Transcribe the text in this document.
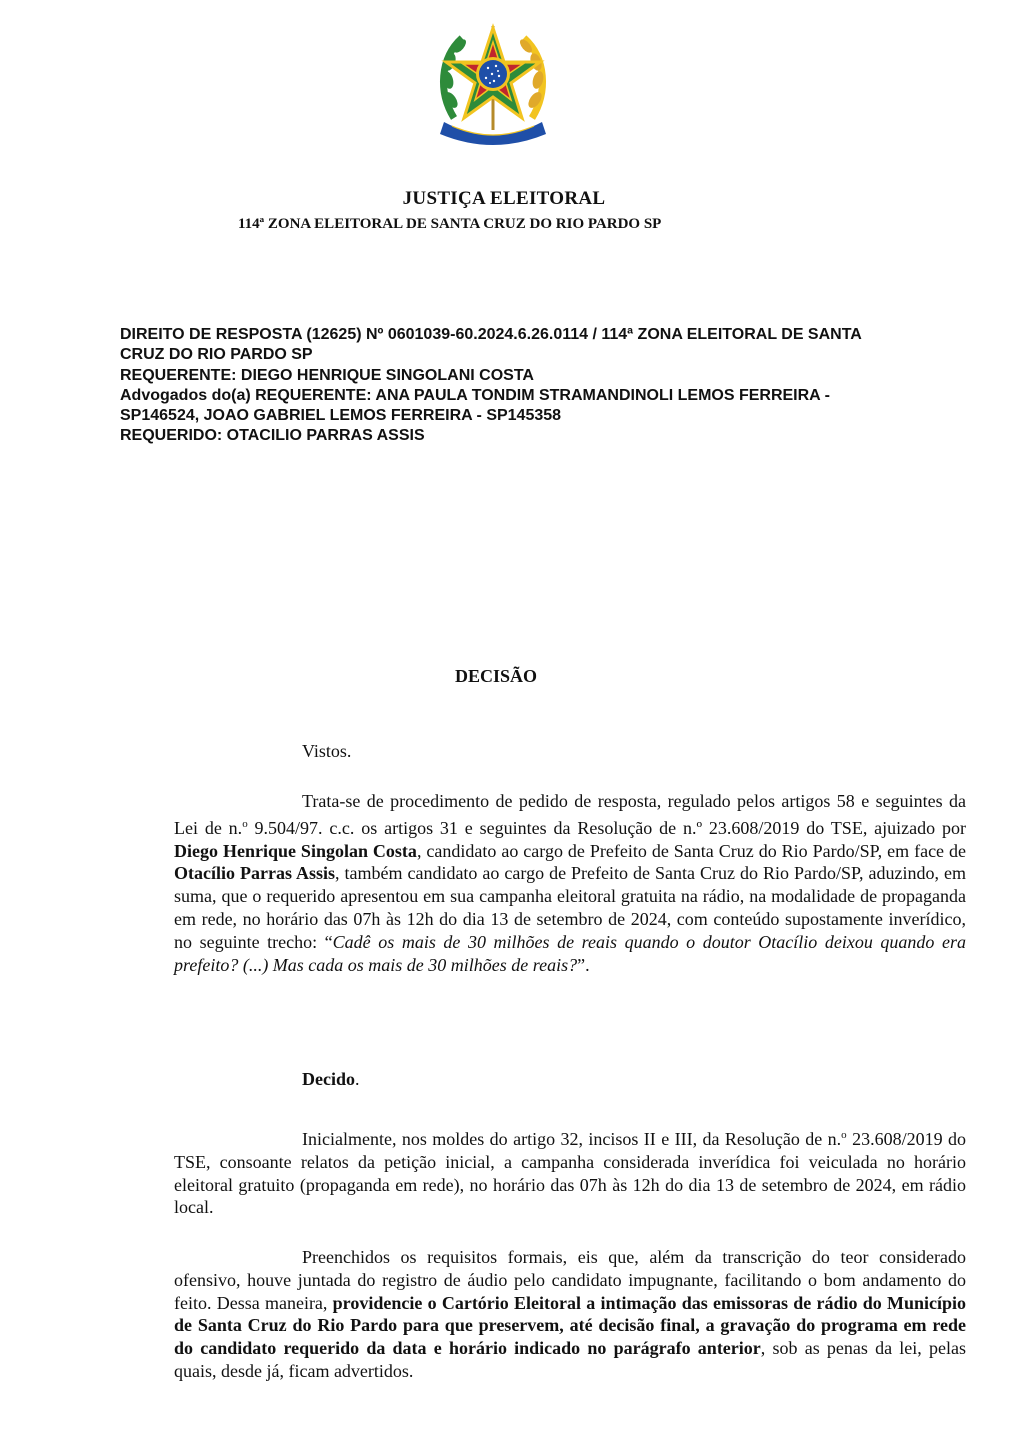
JUSTIÇA ELEITORAL
114ª ZONA ELEITORAL DE SANTA CRUZ DO RIO PARDO SP
DIREITO DE RESPOSTA (12625) Nº 0601039-60.2024.6.26.0114 / 114ª ZONA ELEITORAL DE SANTA
CRUZ DO RIO PARDO SP
REQUERENTE: DIEGO HENRIQUE SINGOLANI COSTA
Advogados do(a) REQUERENTE: ANA PAULA TONDIM STRAMANDINOLI LEMOS FERREIRA -
SP146524, JOAO GABRIEL LEMOS FERREIRA - SP145358
REQUERIDO: OTACILIO PARRAS ASSIS
DECISÃO
Vistos.
Trata-se de procedimento de pedido de resposta, regulado pelos artigos 58 e seguintes da Lei de n.$^o$ 9.504/97. c.c. os artigos 31 e seguintes da Resolução de n.º 23.608/2019 do TSE, ajuizado por Diego Henrique Singolan Costa, candidato ao cargo de Prefeito de Santa Cruz do Rio Pardo/SP, em face de Otacílio Parras Assis, também candidato ao cargo de Prefeito de Santa Cruz do Rio Pardo/SP, aduzindo, em suma, que o requerido apresentou em sua campanha eleitoral gratuita na rádio, na modalidade de propaganda em rede, no horário das 07h às 12h do dia 13 de setembro de 2024, com conteúdo supostamente inverídico, no seguinte trecho: “Cadê os mais de 30 milhões de reais quando o doutor Otacílio deixou quando era prefeito? (...) Mas cada os mais de 30 milhões de reais?”.
Decido.
Inicialmente, nos moldes do artigo 32, incisos II e III, da Resolução de n.$^o$ 23.608/2019 do TSE, consoante relatos da petição inicial, a campanha considerada inverídica foi veiculada no horário eleitoral gratuito (propaganda em rede), no horário das 07h às 12h do dia 13 de setembro de 2024, em rádio local.
Preenchidos os requisitos formais, eis que, além da transcrição do teor considerado ofensivo, houve juntada do registro de áudio pelo candidato impugnante, facilitando o bom andamento do feito. Dessa maneira, providencie o Cartório Eleitoral a intimação das emissoras de rádio do Município de Santa Cruz do Rio Pardo para que preservem, até decisão final, a gravação do programa em rede do candidato requerido da data e horário indicado no parágrafo anterior, sob as penas da lei, pelas quais, desde já, ficam advertidos.
